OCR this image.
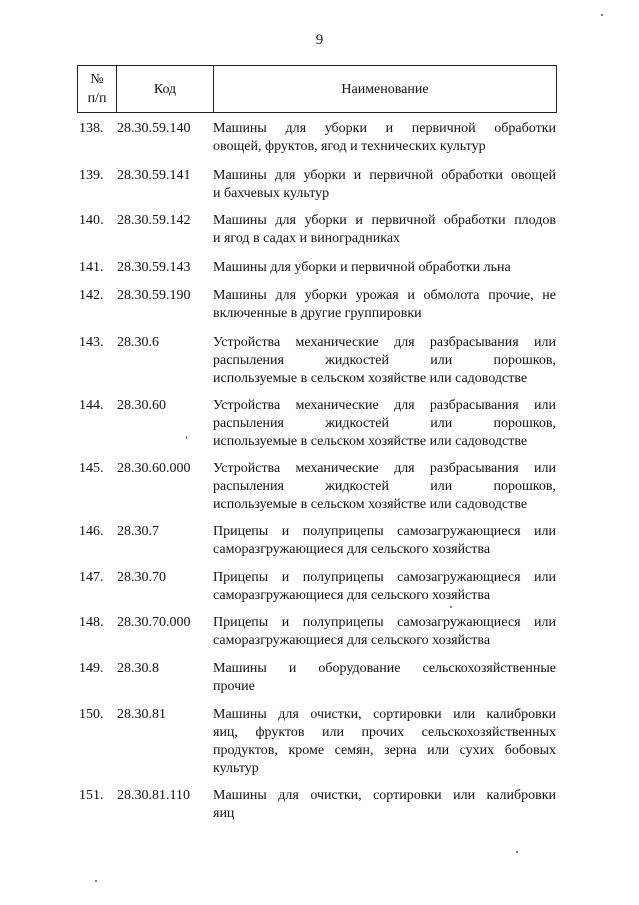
9
№
п/п	Код	Наименование
138. 28.30.59.140	Машины для уборки и первичной обработки
овощей, фруктов, ягод и технических культур
139. 28.30.59.141	Машины для уборки и первичной обработки овощей
и бахчевых культур
140. 28.30.59.142	Машины для уборки и первичной обработки плодов
и ягод в садах и виноградниках
141. 28.30.59.143	Машины для уборки и первичной обработки льна
142. 28.30.59.190	Машины для уборки урожая и обмолота прочие, не
включенные в другие группировки
143. 28.30.6	Устройства механические для разбрасывания или
распыления жидкостей или порошков,
используемые в сельском хозяйстве или садоводстве
144. 28.30.60	Устройства механические для разбрасывания или
распыления жидкостей или порошков,
используемые в сельском хозяйстве или садоводстве
145. 28.30.60.000	Устройства механические для разбрасывания или
распыления жидкостей или порошков,
используемые в сельском хозяйстве или садоводстве
146. 28.30.7	Прицепы и полуприцепы самозагружающиеся или
саморазгружающиеся для сельского хозяйства
147. 28.30.70	Прицепы и полуприцепы самозагружающиеся или
саморазгружающиеся для сельского хозяйства
148. 28.30.70.000	Прицепы и полуприцепы самозагружающиеся или
саморазгружающиеся для сельского хозяйства
149. 28.30.8	Машины и оборудование сельскохозяйственные
прочие
150. 28.30.81	Машины для очистки, сортировки или калибровки
яиц, фруктов или прочих сельскохозяйственных
продуктов, кроме семян, зерна или сухих бобовых
культур
151. 28.30.81.110	Машины для очистки, сортировки или калибровки
яиц
